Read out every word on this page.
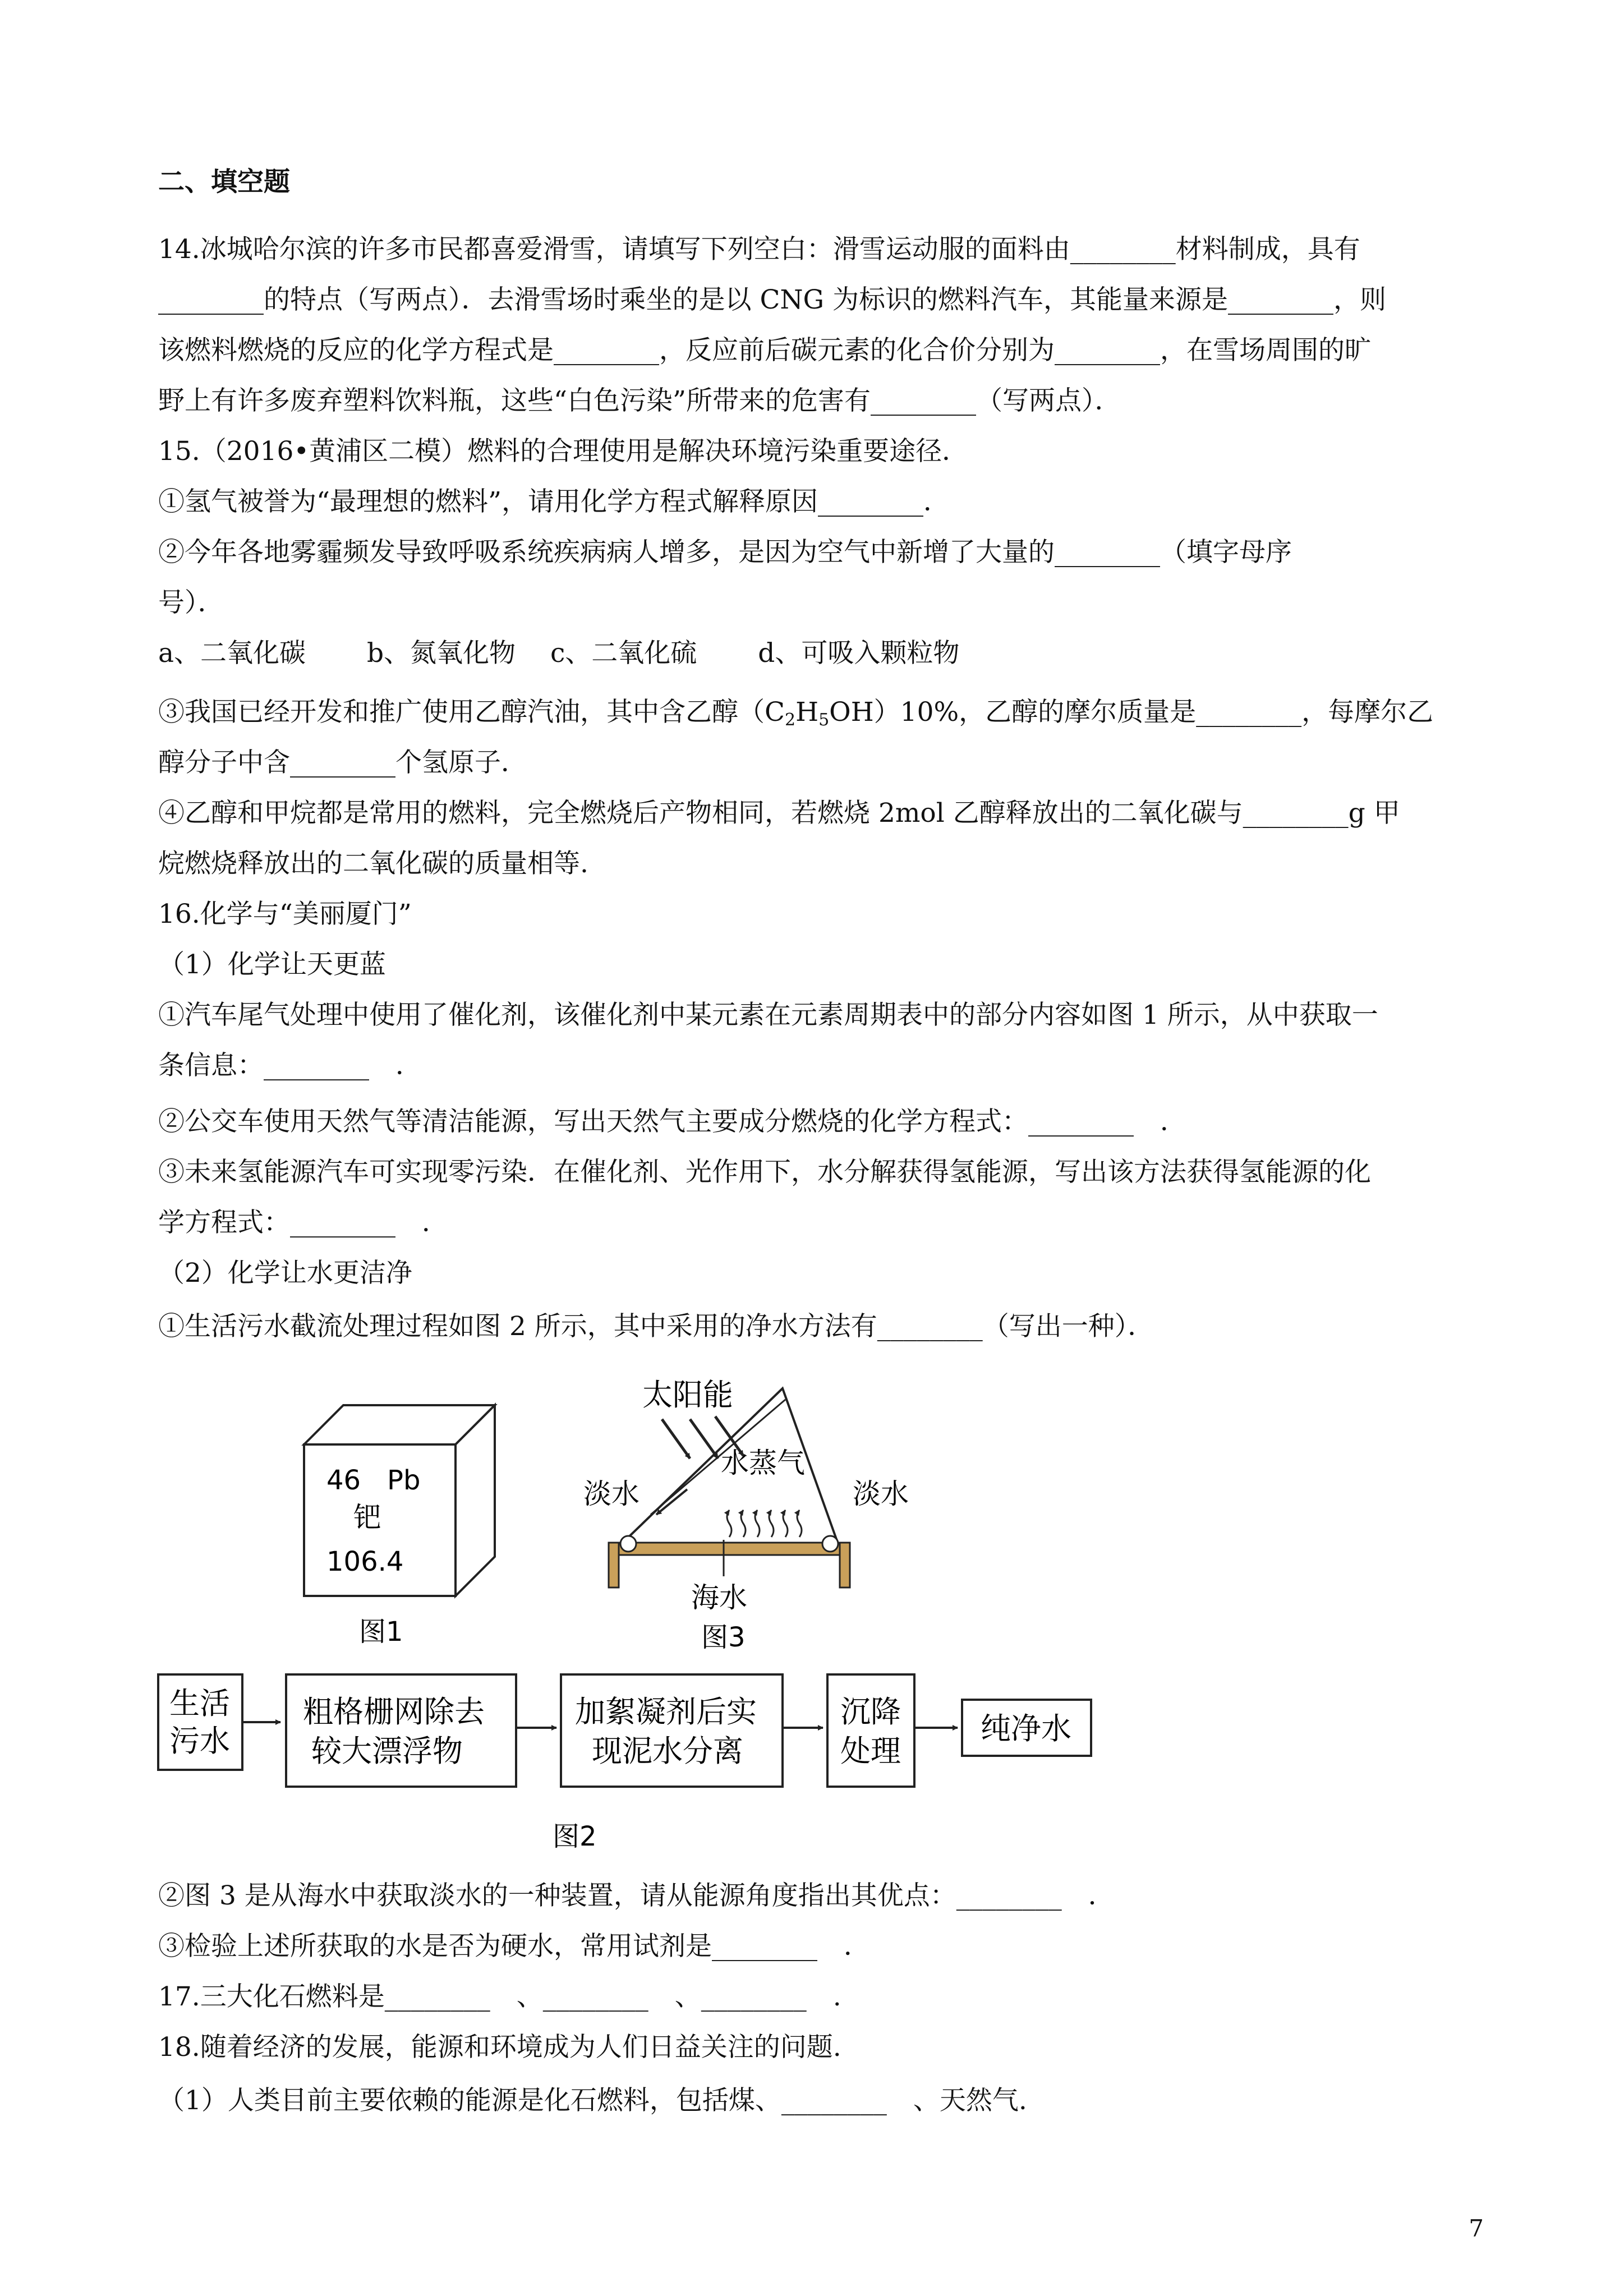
二、填空题
14.冰城哈尔滨的许多市民都喜爱滑雪，请填写下列空白：滑雪运动服的面料由________材料制成，具有
________的特点（写两点）．去滑雪场时乘坐的是以 CNG 为标识的燃料汽车，其能量来源是________，则
该燃料燃烧的反应的化学方程式是________，反应前后碳元素的化合价分别为________，在雪场周围的旷
野上有许多废弃塑料饮料瓶，这些“白色污染”所带来的危害有________（写两点）．
15.（2016•黄浦区二模）燃料的合理使用是解决环境污染重要途径．
①氢气被誉为“最理想的燃料”，请用化学方程式解释原因________．
②今年各地雾霾频发导致呼吸系统疾病病人增多，是因为空气中新增了大量的________（填字母序
号）．
a、二氧化碳　　 b、氮氧化物　 c、二氧化硫　　 d、可吸入颗粒物
③我国已经开发和推广使用乙醇汽油，其中含乙醇$(C_2H_5OH)10\%$，乙醇的摩尔质量是________，每摩尔乙
醇分子中含________个氢原子．
④乙醇和甲烷都是常用的燃料，完全燃烧后产物相同，若燃烧 2mol 乙醇释放出的二氧化碳与________g 甲
烷燃烧释放出的二氧化碳的质量相等.
16.化学与“美丽厦门”
（1）化学让天更蓝
①汽车尾气处理中使用了催化剂，该催化剂中某元素在元素周期表中的部分内容如图 1 所示，从中获取一
条信息：________　．
②公交车使用天然气等清洁能源，写出天然气主要成分燃烧的化学方程式：________　．
③未来氢能源汽车可实现零污染．在催化剂、光作用下，水分解获得氢能源，写出该方法获得氢能源的化
学方程式：________　．
（2）化学让水更洁净
①生活污水截流处理过程如图 2 所示，其中采用的净水方法有________（写出一种）．
46 Pb
钯
106.4
图1
太阳能
水蒸气
淡水	淡水
海水
图3
生活
污水
粗格栅网除去
较大漂浮物
加絮凝剂后实
现泥水分离
沉降
处理
纯净水
图2
②图 3 是从海水中获取淡水的一种装置，请从能源角度指出其优点：________　．
③检验上述所获取的水是否为硬水，常用试剂是________　．
17.三大化石燃料是________　、________　、________　.
18.随着经济的发展，能源和环境成为人们日益关注的问题.
（1）人类目前主要依赖的能源是化石燃料，包括煤、________　、天然气.
7
